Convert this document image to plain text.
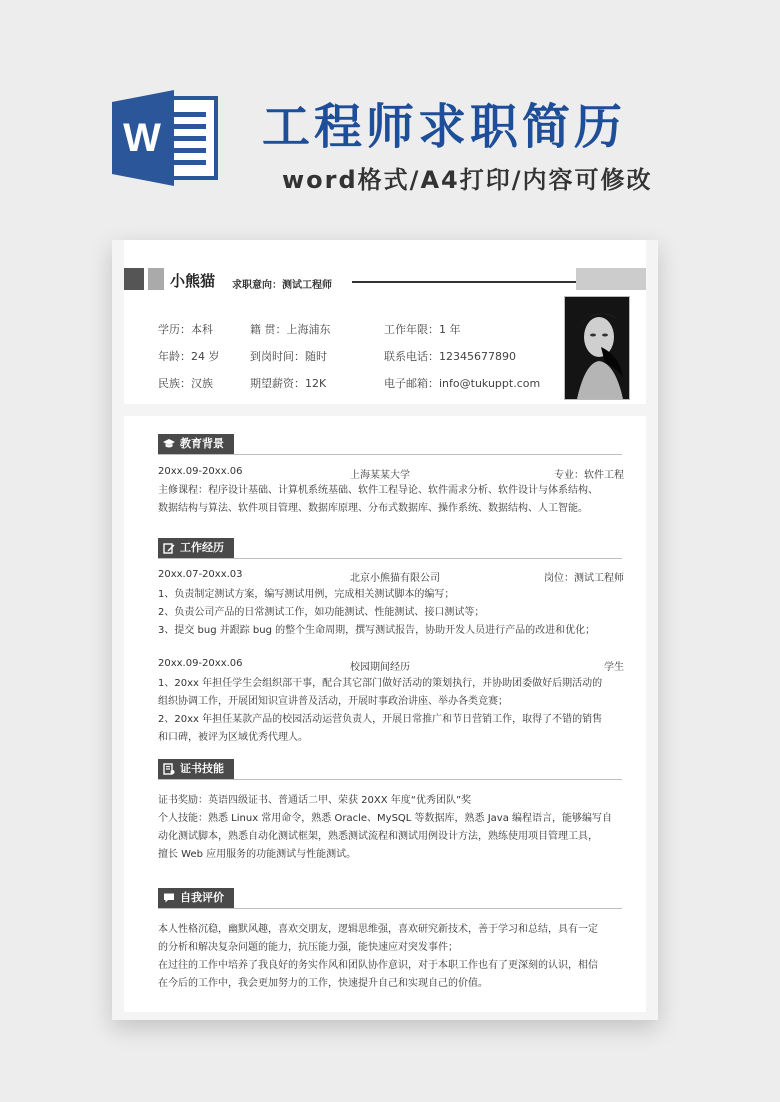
W 工程师求职简历
word格式/A4打印/内容可修改
小熊猫 求职意向：测试工程师
学历：本科	籍 贯：上海浦东	工作年限：1 年
年龄：24 岁	到岗时间：随时	联系电话：12345677890
民族：汉族	期望薪资：12K	电子邮箱：info@tukuppt.com
教育背景
20xx.09-20xx.06	上海某某大学	专业：软件工程
主修课程：程序设计基础、计算机系统基础、软件工程导论、软件需求分析、软件设计与体系结构、
数据结构与算法、软件项目管理、数据库原理、分布式数据库、操作系统、数据结构、人工智能。
工作经历
20xx.07-20xx.03	北京小熊猫有限公司	岗位：测试工程师
1、负责制定测试方案，编写测试用例，完成相关测试脚本的编写；
2、负责公司产品的日常测试工作，如功能测试、性能测试、接口测试等；
3、提交 bug 并跟踪 bug 的整个生命周期，撰写测试报告，协助开发人员进行产品的改进和优化；
20xx.09-20xx.06	校园期间经历	学生
1、20xx 年担任学生会组织部干事，配合其它部门做好活动的策划执行，并协助团委做好后期活动的
组织协调工作，开展团知识宣讲普及活动，开展时事政治讲座、举办各类竞赛；
2、20xx 年担任某款产品的校园活动运营负责人，开展日常推广和节日营销工作，取得了不错的销售
和口碑，被评为区域优秀代理人。
证书技能
证书奖励：英语四级证书、普通话二甲、荣获 20XX 年度“优秀团队”奖
个人技能：熟悉 Linux 常用命令，熟悉 Oracle、MySQL 等数据库，熟悉 Java 编程语言，能够编写自
动化测试脚本，熟悉自动化测试框架，熟悉测试流程和测试用例设计方法，熟练使用项目管理工具，
擅长 Web 应用服务的功能测试与性能测试。
自我评价
本人性格沉稳，幽默风趣，喜欢交朋友，逻辑思维强，喜欢研究新技术，善于学习和总结，具有一定
的分析和解决复杂问题的能力，抗压能力强，能快速应对突发事件；
在过往的工作中培养了我良好的务实作风和团队协作意识，对于本职工作也有了更深刻的认识，相信
在今后的工作中，我会更加努力的工作，快速提升自己和实现自己的价值。
